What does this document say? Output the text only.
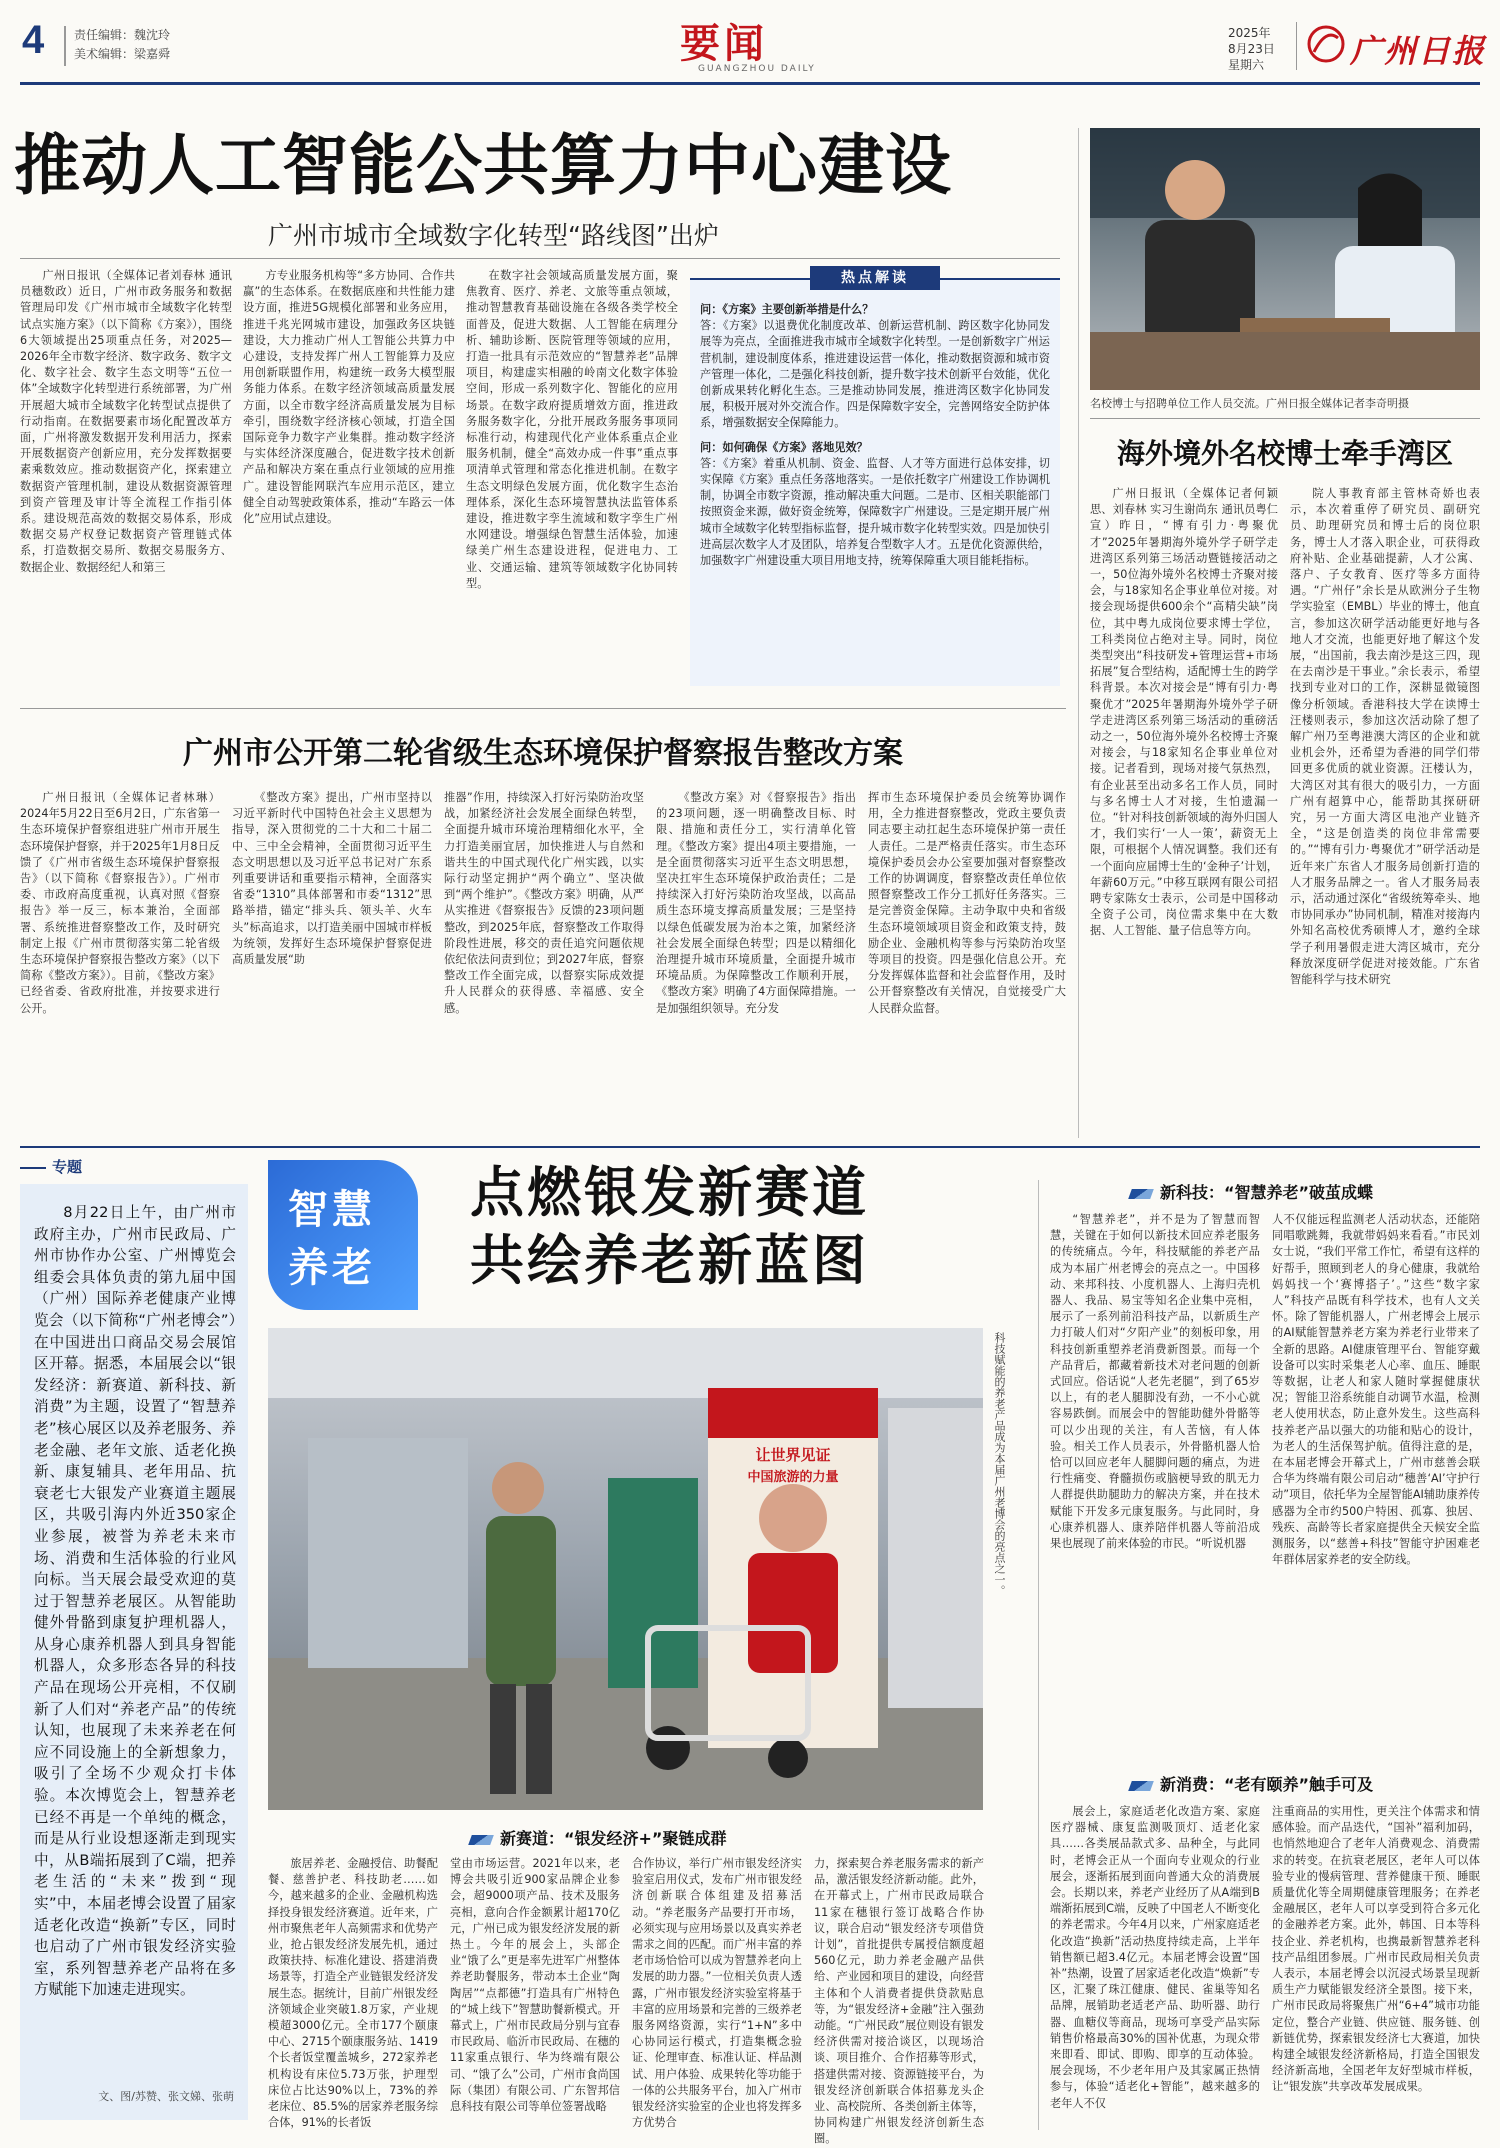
4 责任编辑：魏沈玲
美术编辑：梁嘉舜	要闻
GUANGZHOU DAILY
2025年
8月23日
星期六	广州日报
推动人工智能公共算力中心建设
广州市城市全域数字化转型“路线图”出炉
广州日报讯（全媒体记者刘春林 通讯员穗数政）近日，广州市政务服务和数据管理局印发《广州市城市全域数字化转型试点实施方案》（以下简称《方案》），围绕6大领域提出25项重点任务，对2025—2026年全市数字经济、数字政务、数字文化、数字社会、数字生态文明等“五位一体”全域数字化转型进行系统部署，为广州开展超大城市全域数字化转型试点提供了行动指南。在数据要素市场化配置改革方面，广州将激发数据开发利用活力，探索开展数据资产创新应用，充分发挥数据要素乘数效应。推动数据资产化，探索建立数据资产管理机制，建设从数据资源管理到资产管理及审计等全流程工作指引体系。建设规范高效的数据交易体系，形成数据交易产权登记数据资产管理链式体系，打造数据交易所、数据交易服务方、数据企业、数据经纪人和第三
方专业服务机构等“多方协同、合作共赢”的生态体系。在数据底座和共性能力建设方面，推进5G规模化部署和业务应用，推进千兆光网城市建设，加强政务区块链建设，大力推动广州人工智能公共算力中心建设，支持发挥广州人工智能算力及应用创新联盟作用，构建统一政务大模型服务能力体系。在数字经济领域高质量发展方面，以全市数字经济高质量发展为目标牵引，围绕数字经济核心领域，打造全国国际竞争力数字产业集群。推动数字经济与实体经济深度融合，促进数字技术创新产品和解决方案在重点行业领域的应用推广。建设智能网联汽车应用示范区，建立健全自动驾驶政策体系，推动“车路云一体化”应用试点建设。
在数字社会领域高质量发展方面，聚焦教育、医疗、养老、文旅等重点领域，推动智慧教育基础设施在各级各类学校全面普及，促进大数据、人工智能在病理分析、辅助诊断、医院管理等领域的应用，打造一批具有示范效应的“智慧养老”品牌项目，构建虚实相融的岭南文化数字体验空间，形成一系列数字化、智能化的应用场景。在数字政府提质增效方面，推进政务服务数字化，分批开展政务服务事项同标准行动，构建现代化产业体系重点企业服务机制，健全“高效办成一件事”重点事项清单式管理和常态化推进机制。在数字生态文明绿色发展方面，优化数字生态治理体系，深化生态环境智慧执法监管体系建设，推进数字孪生流域和数字孪生广州水网建设。增强绿色智慧生活体验，加速绿美广州生态建设进程，促进电力、工业、交通运输、建筑等领域数字化协同转型。
热点解读
问：《方案》主要创新举措是什么？
答：《方案》以退费优化制度改革、创新运营机制、跨区数字化协同发展等为亮点，全面推进我市城市全域数字化转型。一是创新数字广州运营机制，建设制度体系，推进建设运营一体化，推动数据资源和城市资产管理一体化，二是强化科技创新，提升数字技术创新平台效能，优化创新成果转化孵化生态。三是推动协同发展，推进湾区数字化协同发展，积极开展对外交流合作。四是保障数字安全，完善网络安全防护体系，增强数据安全保障能力。
问：如何确保《方案》落地见效？
答：《方案》着重从机制、资金、监督、人才等方面进行总体安排，切实保障《方案》重点任务落地落实。一是依托数字广州建设工作协调机制，协调全市数字资源，推动解决重大问题。二是市、区相关职能部门按照资金来源，做好资金统筹，保障数字广州建设。三是定期开展广州城市全域数字化转型指标监督，提升城市数字化转型实效。四是加快引进高层次数字人才及团队，培养复合型数字人才。五是优化资源供给，加强数字广州建设重大项目用地支持，统筹保障重大项目能耗指标。
名校博士与招聘单位工作人员交流。广州日报全媒体记者李奇明摄
海外境外名校博士牵手湾区
广州日报讯（全媒体记者何颖思、刘春林 实习生谢尚东 通讯员粤仁宣）昨日，“博有引力·粤聚优才”2025年暑期海外境外学子研学走进湾区系列第三场活动暨链接活动之一，50位海外境外名校博士齐聚对接会，与18家知名企事业单位对接。对接会现场提供600余个“高精尖缺”岗位，其中粤九成岗位要求博士学位，工科类岗位占绝对主导。同时，岗位类型突出“科技研发+管理运营+市场拓展”复合型结构，适配博士生的跨学科背景。本次对接会是“博有引力·粤聚优才”2025年暑期海外境外学子研学走进湾区系列第三场活动的重磅活动之一，50位海外境外名校博士齐聚对接会，与18家知名企事业单位对接。记者看到，现场对接气氛热烈，有企业甚至出动多名工作人员，同时与多名博士人才对接，生怕遗漏一位。“针对科技创新领域的海外归国人才，我们实行‘一人一策’，薪资无上限，可根据个人情况调整。我们还有一个面向应届博士生的‘金种子’计划，年薪60万元。”中移互联网有限公司招聘专家陈女士表示，公司是中国移动全资子公司，岗位需求集中在大数据、人工智能、量子信息等方向。
院人事教育部主管林奇娇也表示，本次着重停了研究员、副研究员、助理研究员和博士后的岗位职务，博士人才落入职企业，可获得政府补贴、企业基础提薪，人才公寓、落户、子女教育、医疗等多方面待遇。“广州仔”余长是从欧洲分子生物学实验室（EMBL）毕业的博士，他直言，参加这次研学活动能更好地与各地人才交流，也能更好地了解这个发展，“出国前，我去南沙是这三四，现在去南沙是干事业。”余长表示，希望找到专业对口的工作，深耕显微镜图像分析领域。香港科技大学在读博士汪楼则表示，参加这次活动除了想了解广州乃至粤港澳大湾区的企业和就业机会外，还希望为香港的同学们带回更多优质的就业资源。汪楼认为，大湾区对其有很大的吸引力，一方面广州有超算中心，能帮助其探研研究，另一方面大湾区电池产业链齐全，“这是创造类的岗位非常需要的。”“博有引力·粤聚优才”研学活动是近年来广东省人才服务局创新打造的人才服务品牌之一。省人才服务局表示，活动通过深化“省级统筹牵头、地市协同承办”协同机制，精准对接海内外知名高校优秀硕博人才，邀约全球学子利用暑假走进大湾区城市，充分释放深度研学促进对接效能。广东省智能科学与技术研究
广州市公开第二轮省级生态环境保护督察报告整改方案
广州日报讯（全媒体记者林琳）2024年5月22日至6月2日，广东省第一生态环境保护督察组进驻广州市开展生态环境保护督察，并于2025年1月8日反馈了《广州市省级生态环境保护督察报告》（以下简称《督察报告》）。广州市委、市政府高度重视，认真对照《督察报告》举一反三，标本兼治，全面部署、系统推进督察整改工作，及时研究制定上报《广州市贯彻落实第二轮省级生态环境保护督察报告整改方案》（以下简称《整改方案》）。目前，《整改方案》已经省委、省政府批准，并按要求进行公开。
《整改方案》提出，广州市坚持以习近平新时代中国特色社会主义思想为指导，深入贯彻党的二十大和二十届二中、三中全会精神，全面贯彻习近平生态文明思想以及习近平总书记对广东系列重要讲话和重要指示精神，全面落实省委“1310”具体部署和市委“1312”思路举措，锚定“排头兵、领头羊、火车头”标高追求，以打造美丽中国城市样板为统领，发挥好生态环境保护督察促进高质量发展“助
推器”作用，持续深入打好污染防治攻坚战，加紧经济社会发展全面绿色转型，全面提升城市环境治理精细化水平，全力打造美丽宜居，加快推进人与自然和谐共生的中国式现代化广州实践，以实际行动坚定拥护“两个确立”、坚决做到“两个维护”。《整改方案》明确，从严从实推进《督察报告》反馈的23项问题整改，到2025年底，督察整改工作取得阶段性进展，移交的责任追究问题依规依纪依法问责到位；到2027年底，督察整改工作全面完成，以督察实际成效提升人民群众的获得感、幸福感、安全感。
《整改方案》对《督察报告》指出的23项问题，逐一明确整改目标、时限、措施和责任分工，实行清单化管理。《整改方案》提出4项主要措施，一是全面贯彻落实习近平生态文明思想，坚决扛牢生态环境保护政治责任；二是持续深入打好污染防治攻坚战，以高品质生态环境支撑高质量发展；三是坚持以绿色低碳发展为治本之策，加紧经济社会发展全面绿色转型；四是以精细化治理提升城市环境质量，全面提升城市环境品质。为保障整改工作顺利开展，《整改方案》明确了4方面保障措施。一是加强组织领导。充分发
挥市生态环境保护委员会统筹协调作用，全力推进督察整改，党政主要负责同志要主动扛起生态环境保护第一责任人责任。二是严格责任落实。市生态环境保护委员会办公室要加强对督察整改工作的协调调度，督察整改责任单位依照督察整改工作分工抓好任务落实。三是完善资金保障。主动争取中央和省级生态环境领域项目资金和政策支持，鼓励企业、金融机构等参与污染防治攻坚等项目的投资。四是强化信息公开。充分发挥媒体监督和社会监督作用，及时公开督察整改有关情况，自觉接受广大人民群众监督。
专题
8月22日上午，由广州市政府主办，广州市民政局、广州市协作办公室、广州博览会组委会具体负责的第九届中国（广州）国际养老健康产业博览会（以下简称“广州老博会”）在中国进出口商品交易会展馆区开幕。据悉，本届展会以“银发经济：新赛道、新科技、新消费”为主题，设置了“智慧养老”核心展区以及养老服务、养老金融、老年文旅、适老化换新、康复辅具、老年用品、抗衰老七大银发产业赛道主题展区，共吸引海内外近350家企业参展，被誉为养老未来市场、消费和生活体验的行业风向标。当天展会最受欢迎的莫过于智慧养老展区。从智能助健外骨骼到康复护理机器人，从身心康养机器人到具身智能机器人，众多形态各异的科技产品在现场公开亮相，不仅刷新了人们对“养老产品”的传统认知，也展现了未来养老在何应不同设施上的全新想象力，吸引了全场不少观众打卡体验。本次博览会上，智慧养老已经不再是一个单纯的概念，而是从行业设想逐渐走到现实中，从B端拓展到了C端，把养老生活的“未来”拨到“现实”中，本届老博会设置了届家适老化改造“换新”专区，同时也启动了广州市银发经济实验室，系列智慧养老产品将在多方赋能下加速走进现实。
文、图/苏赞、张文娣、张萌
智慧
养老
点燃银发新赛道
共绘养老新蓝图
让世界见证
中国旅游的力量	科技赋能的养老产品成为本届广州老博会的亮点之一。
新赛道：“银发经济+”聚链成群
旅居养老、金融授信、助餐配餐、慈善护老、科技助老……如今，越来越多的企业、金融机构选择投身银发经济赛道。近年来，广州市聚焦老年人高频需求和优势产业，抢占银发经济发展先机，通过政策扶持、标准化建设、搭建消费场景等，打造全产业链银发经济发展生态。据统计，目前广州银发经济领域企业突破1.8万家，产业规模超3000亿元。全市177个颐康中心、2715个颐康服务站、1419个长者饭堂覆盖城乡，272家养老机构设有床位5.73万张，护理型床位占比达90%以上，73%的养老床位、85.5%的居家养老服务综合体，91%的长者饭
堂由市场运营。2021年以来，老博会共吸引近900家品牌企业参会，超9000项产品、技术及服务亮相，意向合作金额累计超170亿元，广州已成为银发经济发展的新热土。今年的展会上，头部企业“饿了么”更是率先进军广州整体养老助餐服务，带动本土企业“陶陶居”“点都德”打造具有广州特色的“城上线下”智慧助餐新模式。开幕式上，广州市民政局分别与宜春市民政局、临沂市民政局、在穗的11家重点银行、华为终端有限公司、“饿了么”公司，广州市食尚国际（集团）有限公司、广东智邦信息科技有限公司等单位签署战略
合作协议，举行广州市银发经济实验室启用仪式，发布广州市银发经济创新联合体组建及招募活动。“养老服务产品要打开市场，必须实现与应用场景以及真实养老需求之间的匹配。而广州丰富的养老市场恰恰可以成为智慧养老向上发展的助力器。”一位相关负责人透露，广州市银发经济实验室将基于丰富的应用场景和完善的三级养老服务网络资源，实行“1+N”多中心协同运行模式，打造集概念验证、伦理审查、标准认证、样品测试、用户体验、成果转化等功能于一体的公共服务平台，加入广州市银发经济实验室的企业也将发挥多方优势合
力，探索契合养老服务需求的新产品，激活银发经济新动能。此外，在开幕式上，广州市民政局联合11家在穗银行签订战略合作协议，联合启动“银发经济专项借贷计划”，首批提供专属授信额度超560亿元，助力养老金融产品供给、产业园和项目的建设，向经营主体和个人消费者提供贷款贴息等，为“银发经济+金融”注入强劲动能。“广州民政”展位则设有银发经济供需对接洽谈区，以现场洽谈、项目推介、合作招募等形式，搭建供需对接、资源链接平台，为银发经济创新联合体招募龙头企业、高校院所、各类创新主体等，协同构建广州银发经济创新生态圈。
新科技：“智慧养老”破茧成蝶
“智慧养老”，并不是为了智慧而智慧，关键在于如何以新技术回应养老服务的传统痛点。今年，科技赋能的养老产品成为本届广州老博会的亮点之一。中国移动、来邦科技、小度机器人、上海归壳机器人、我品、易宝等知名企业集中亮相，展示了一系列前沿科技产品，以新质生产力打破人们对“夕阳产业”的刻板印象，用科技创新重塑养老消费新图景。而每一个产品背后，都藏着新技术对老问题的创新式回应。俗话说“人老先老腿”，到了65岁以上，有的老人腿脚没有劲，一不小心就容易跌倒。而展会中的智能助健外骨骼等可以少出现的关注，有人苦恼，有人体验。相关工作人员表示，外骨骼机器人恰恰可以回应老年人腿脚问题的痛点，为进行性痛变、脊髓损伤或脑梗导致的肌无力人群提供助腿助力的解决方案，并在技术赋能下开发多元康复服务。与此同时，身心康养机器人、康养陪伴机器人等前沿成果也展现了前来体验的市民。“听说机器
人不仅能远程监测老人活动状态，还能陪同唱歌跳舞，我就带妈妈来看看。”市民刘女士说，“我们平常工作忙，希望有这样的好帮手，照顾到老人的身心健康，我就给妈妈找一个‘赛博搭子’。”这些“数字家人”科技产品既有科学技术，也有人文关怀。除了智能机器人，广州老博会上展示的AI赋能智慧养老方案为养老行业带来了全新的思路。AI健康管理平台、智能穿戴设备可以实时采集老人心率、血压、睡眠等数据，让老人和家人随时掌握健康状况；智能卫浴系统能自动调节水温，检测老人使用状态，防止意外发生。这些高科技养老产品以强大的功能和贴心的设计，为老人的生活保驾护航。值得注意的是，在本届老博会开幕式上，广州市慈善会联合华为终端有限公司启动“穗善‘AI’守护行动”项目，依托华为全屋智能AI辅助康养传感器为全市约500户特困、孤寡、独居、残疾、高龄等长者家庭提供全天候安全监测服务，以“慈善+科技”智能守护困难老年群体居家养老的安全防线。
新消费：“老有颐养”触手可及
展会上，家庭适老化改造方案、家庭医疗器械、康复监测吸顶灯、适老化家具……各类展品款式多、品种全，与此同时，老博会正从一个面向专业观众的行业展会，逐渐拓展到面向普通大众的消费展会。长期以来，养老产业经历了从A端到B端渐拓展到C端，反映了中国老人不断变化的养老需求。今年4月以来，广州家庭适老化改造“换新”活动热度持续走高，上半年销售额已超3.4亿元。本届老博会设置“国补”热潮，设置了居家适老化改造“焕新”专区，汇聚了珠江健康、健民、雀巢等知名品牌，展销助老适老产品、助听器、助行器、血糖仪等商品，现场可享受产品实际销售价格最高30%的国补优惠，为现众带来即看、即试、即购、即享的互动体验。展会现场，不少老年用户及其家属正热情参与，体验“适老化+智能”，越来越多的老年人不仅
注重商品的实用性，更关注个体需求和情感体验。而产品迭代，“国补”福利加码，也悄然地迎合了老年人消费观念、消费需求的转变。在抗衰老展区，老年人可以体验专业的慢病管理、营养健康干预、睡眠质量优化等全周期健康管理服务；在养老金融展区，老年人可以享受到符合多元化的金融养老方案。此外，韩国、日本等科技企业、养老机构，也携最新智慧养老科技产品组团参展。广州市民政局相关负责人表示，本届老博会以沉浸式场景呈现新质生产力赋能银发经济全景图。接下来，广州市民政局将聚焦广州“6+4”城市功能定位，整合产业链、供应链、服务链、创新链优势，探索银发经济七大赛道，加快构建全域银发经济新格局，打造全国银发经济新高地，全国老年友好型城市样板，让“银发族”共享改革发展成果。
